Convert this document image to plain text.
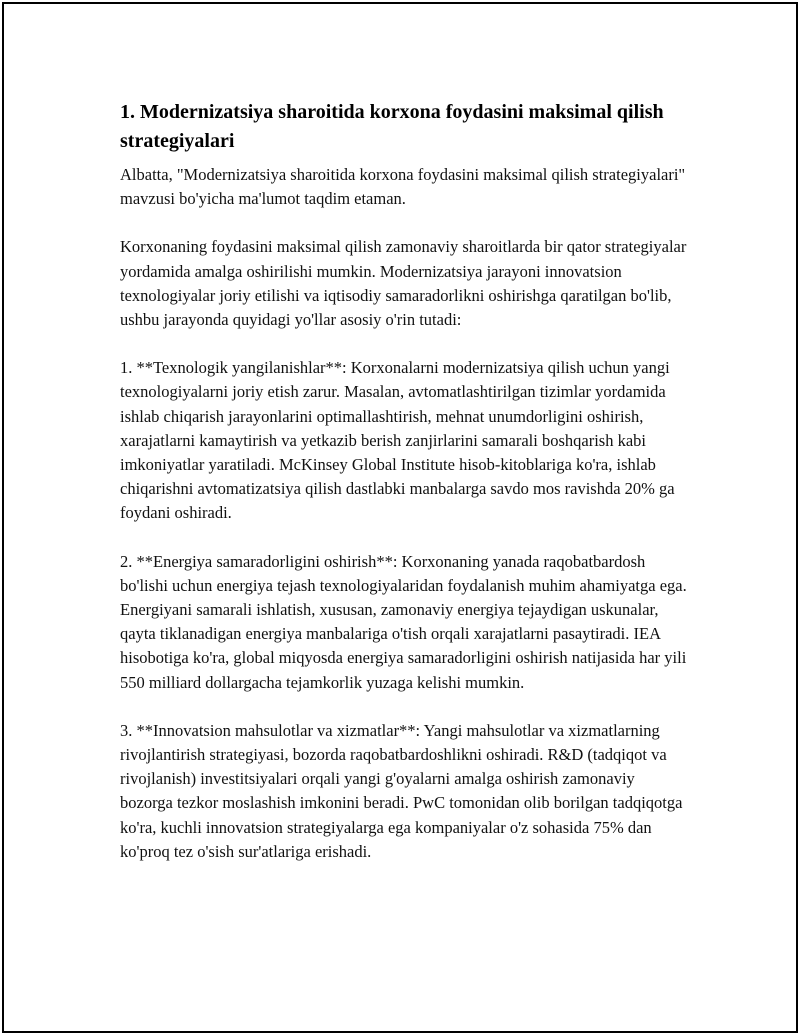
1. Modernizatsiya sharoitida korxona foydasini maksimal qilish strategiyalari

Albatta, "Modernizatsiya sharoitida korxona foydasini maksimal qilish strategiyalari" mavzusi bo'yicha ma'lumot taqdim etaman.

Korxonaning foydasini maksimal qilish zamonaviy sharoitlarda bir qator strategiyalar yordamida amalga oshirilishi mumkin. Modernizatsiya jarayoni innovatsion texnologiyalar joriy etilishi va iqtisodiy samaradorlikni oshirishga qaratilgan bo'lib, ushbu jarayonda quyidagi yo'llar asosiy o'rin tutadi:

1. **Texnologik yangilanishlar**: Korxonalarni modernizatsiya qilish uchun yangi texnologiyalarni joriy etish zarur. Masalan, avtomatlashtirilgan tizimlar yordamida ishlab chiqarish jarayonlarini optimallashtirish, mehnat unumdorligini oshirish, xarajatlarni kamaytirish va yetkazib berish zanjirlarini samarali boshqarish kabi imkoniyatlar yaratiladi. McKinsey Global Institute hisob-kitoblariga ko'ra, ishlab chiqarishni avtomatizatsiya qilish dastlabki manbalarga savdo mos ravishda 20% ga foydani oshiradi.

2. **Energiya samaradorligini oshirish**: Korxonaning yanada raqobatbardosh bo'lishi uchun energiya tejash texnologiyalaridan foydalanish muhim ahamiyatga ega. Energiyani samarali ishlatish, xususan, zamonaviy energiya tejaydigan uskunalar, qayta tiklanadigan energiya manbalariga o'tish orqali xarajatlarni pasaytiradi. IEA hisobotiga ko'ra, global miqyosda energiya samaradorligini oshirish natijasida har yili 550 milliard dollargacha tejamkorlik yuzaga kelishi mumkin.

3. **Innovatsion mahsulotlar va xizmatlar**: Yangi mahsulotlar va xizmatlarning rivojlantirish strategiyasi, bozorda raqobatbardoshlikni oshiradi. R&D (tadqiqot va rivojlanish) investitsiyalari orqali yangi g'oyalarni amalga oshirish zamonaviy bozorga tezkor moslashish imkonini beradi. PwC tomonidan olib borilgan tadqiqotga ko'ra, kuchli innovatsion strategiyalarga ega kompaniyalar o'z sohasida 75% dan ko'proq tez o'sish sur'atlariga erishadi.
